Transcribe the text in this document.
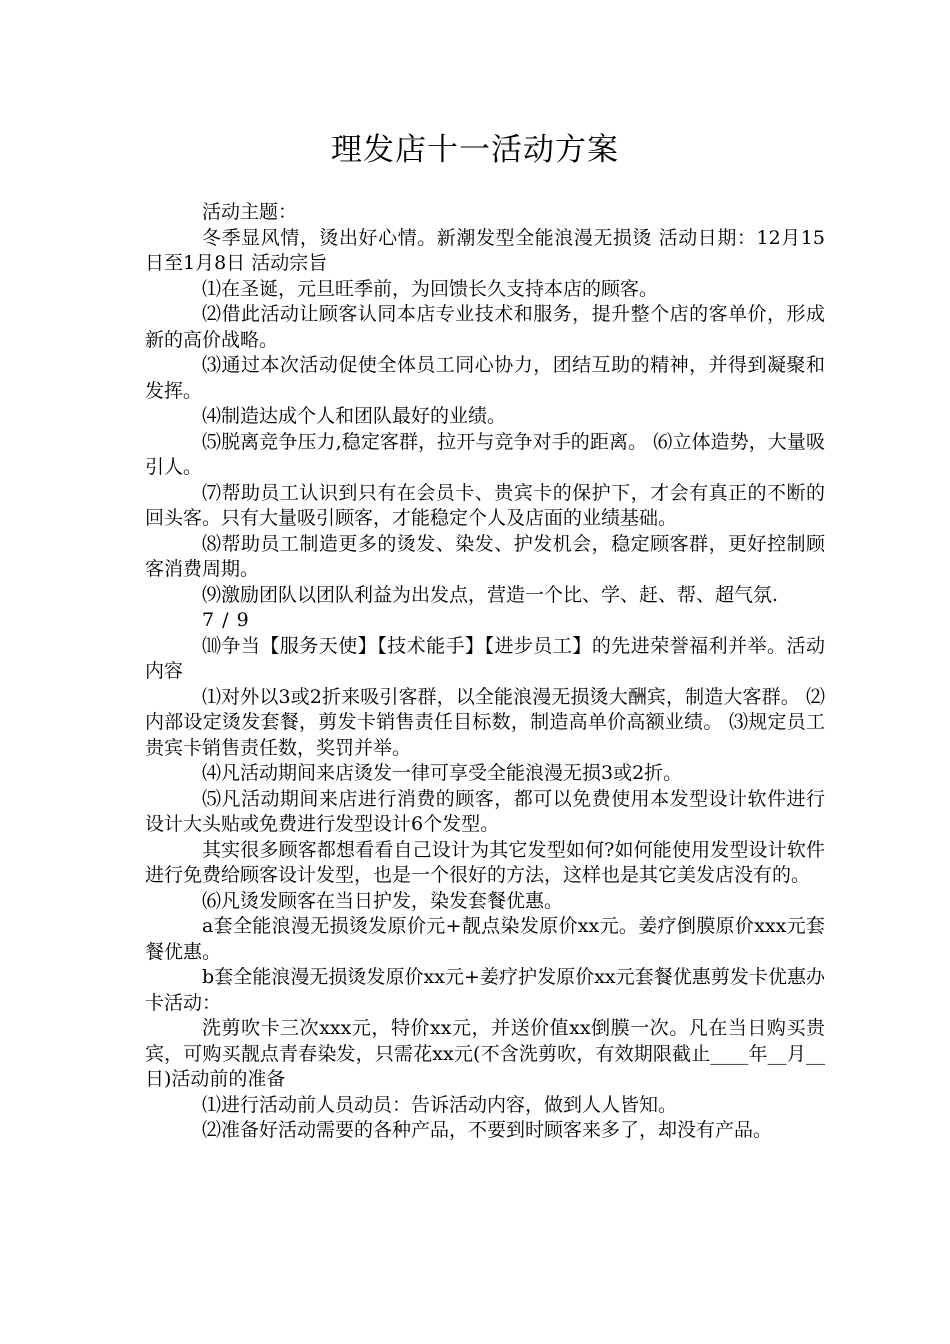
理发店十一活动方案

活动主题：

冬季显风情，烫出好心情。新潮发型全能浪漫无损烫 活动日期：12月15日至1月8日 活动宗旨

⑴在圣诞，元旦旺季前，为回馈长久支持本店的顾客。

⑵借此活动让顾客认同本店专业技术和服务，提升整个店的客单价，形成新的高价战略。

⑶通过本次活动促使全体员工同心协力，团结互助的精神，并得到凝聚和发挥。

⑷制造达成个人和团队最好的业绩。

⑸脱离竞争压力,稳定客群，拉开与竞争对手的距离。 ⑹立体造势，大量吸引人。

⑺帮助员工认识到只有在会员卡、贵宾卡的保护下，才会有真正的不断的回头客。只有大量吸引顾客，才能稳定个人及店面的业绩基础。

⑻帮助员工制造更多的烫发、染发、护发机会，稳定顾客群，更好控制顾客消费周期。

⑼激励团队以团队利益为出发点，营造一个比、学、赶、帮、超气氛.

7 / 9

⑽争当【服务天使】【技术能手】【进步员工】的先进荣誉福利并举。活动内容

⑴对外以3或2折来吸引客群，以全能浪漫无损烫大酬宾，制造大客群。 ⑵内部设定烫发套餐，剪发卡销售责任目标数，制造高单价高额业绩。 ⑶规定员工贵宾卡销售责任数，奖罚并举。

⑷凡活动期间来店烫发一律可享受全能浪漫无损3或2折。

⑸凡活动期间来店进行消费的顾客，都可以免费使用本发型设计软件进行设计大头贴或免费进行发型设计6个发型。

其实很多顾客都想看看自己设计为其它发型如何?如何能使用发型设计软件进行免费给顾客设计发型，也是一个很好的方法，这样也是其它美发店没有的。

⑹凡烫发顾客在当日护发，染发套餐优惠。

a套全能浪漫无损烫发原价元+靓点染发原价xx元。姜疗倒膜原价xxx元套餐优惠。

b套全能浪漫无损烫发原价xx元+姜疗护发原价xx元套餐优惠剪发卡优惠办卡活动：

洗剪吹卡三次xxx元，特价xx元，并送价值xx倒膜一次。凡在当日购买贵宾，可购买靓点青春染发，只需花xx元(不含洗剪吹，有效期限截止____年__月__日)活动前的准备

⑴进行活动前人员动员：告诉活动内容，做到人人皆知。

⑵准备好活动需要的各种产品，不要到时顾客来多了，却没有产品。
